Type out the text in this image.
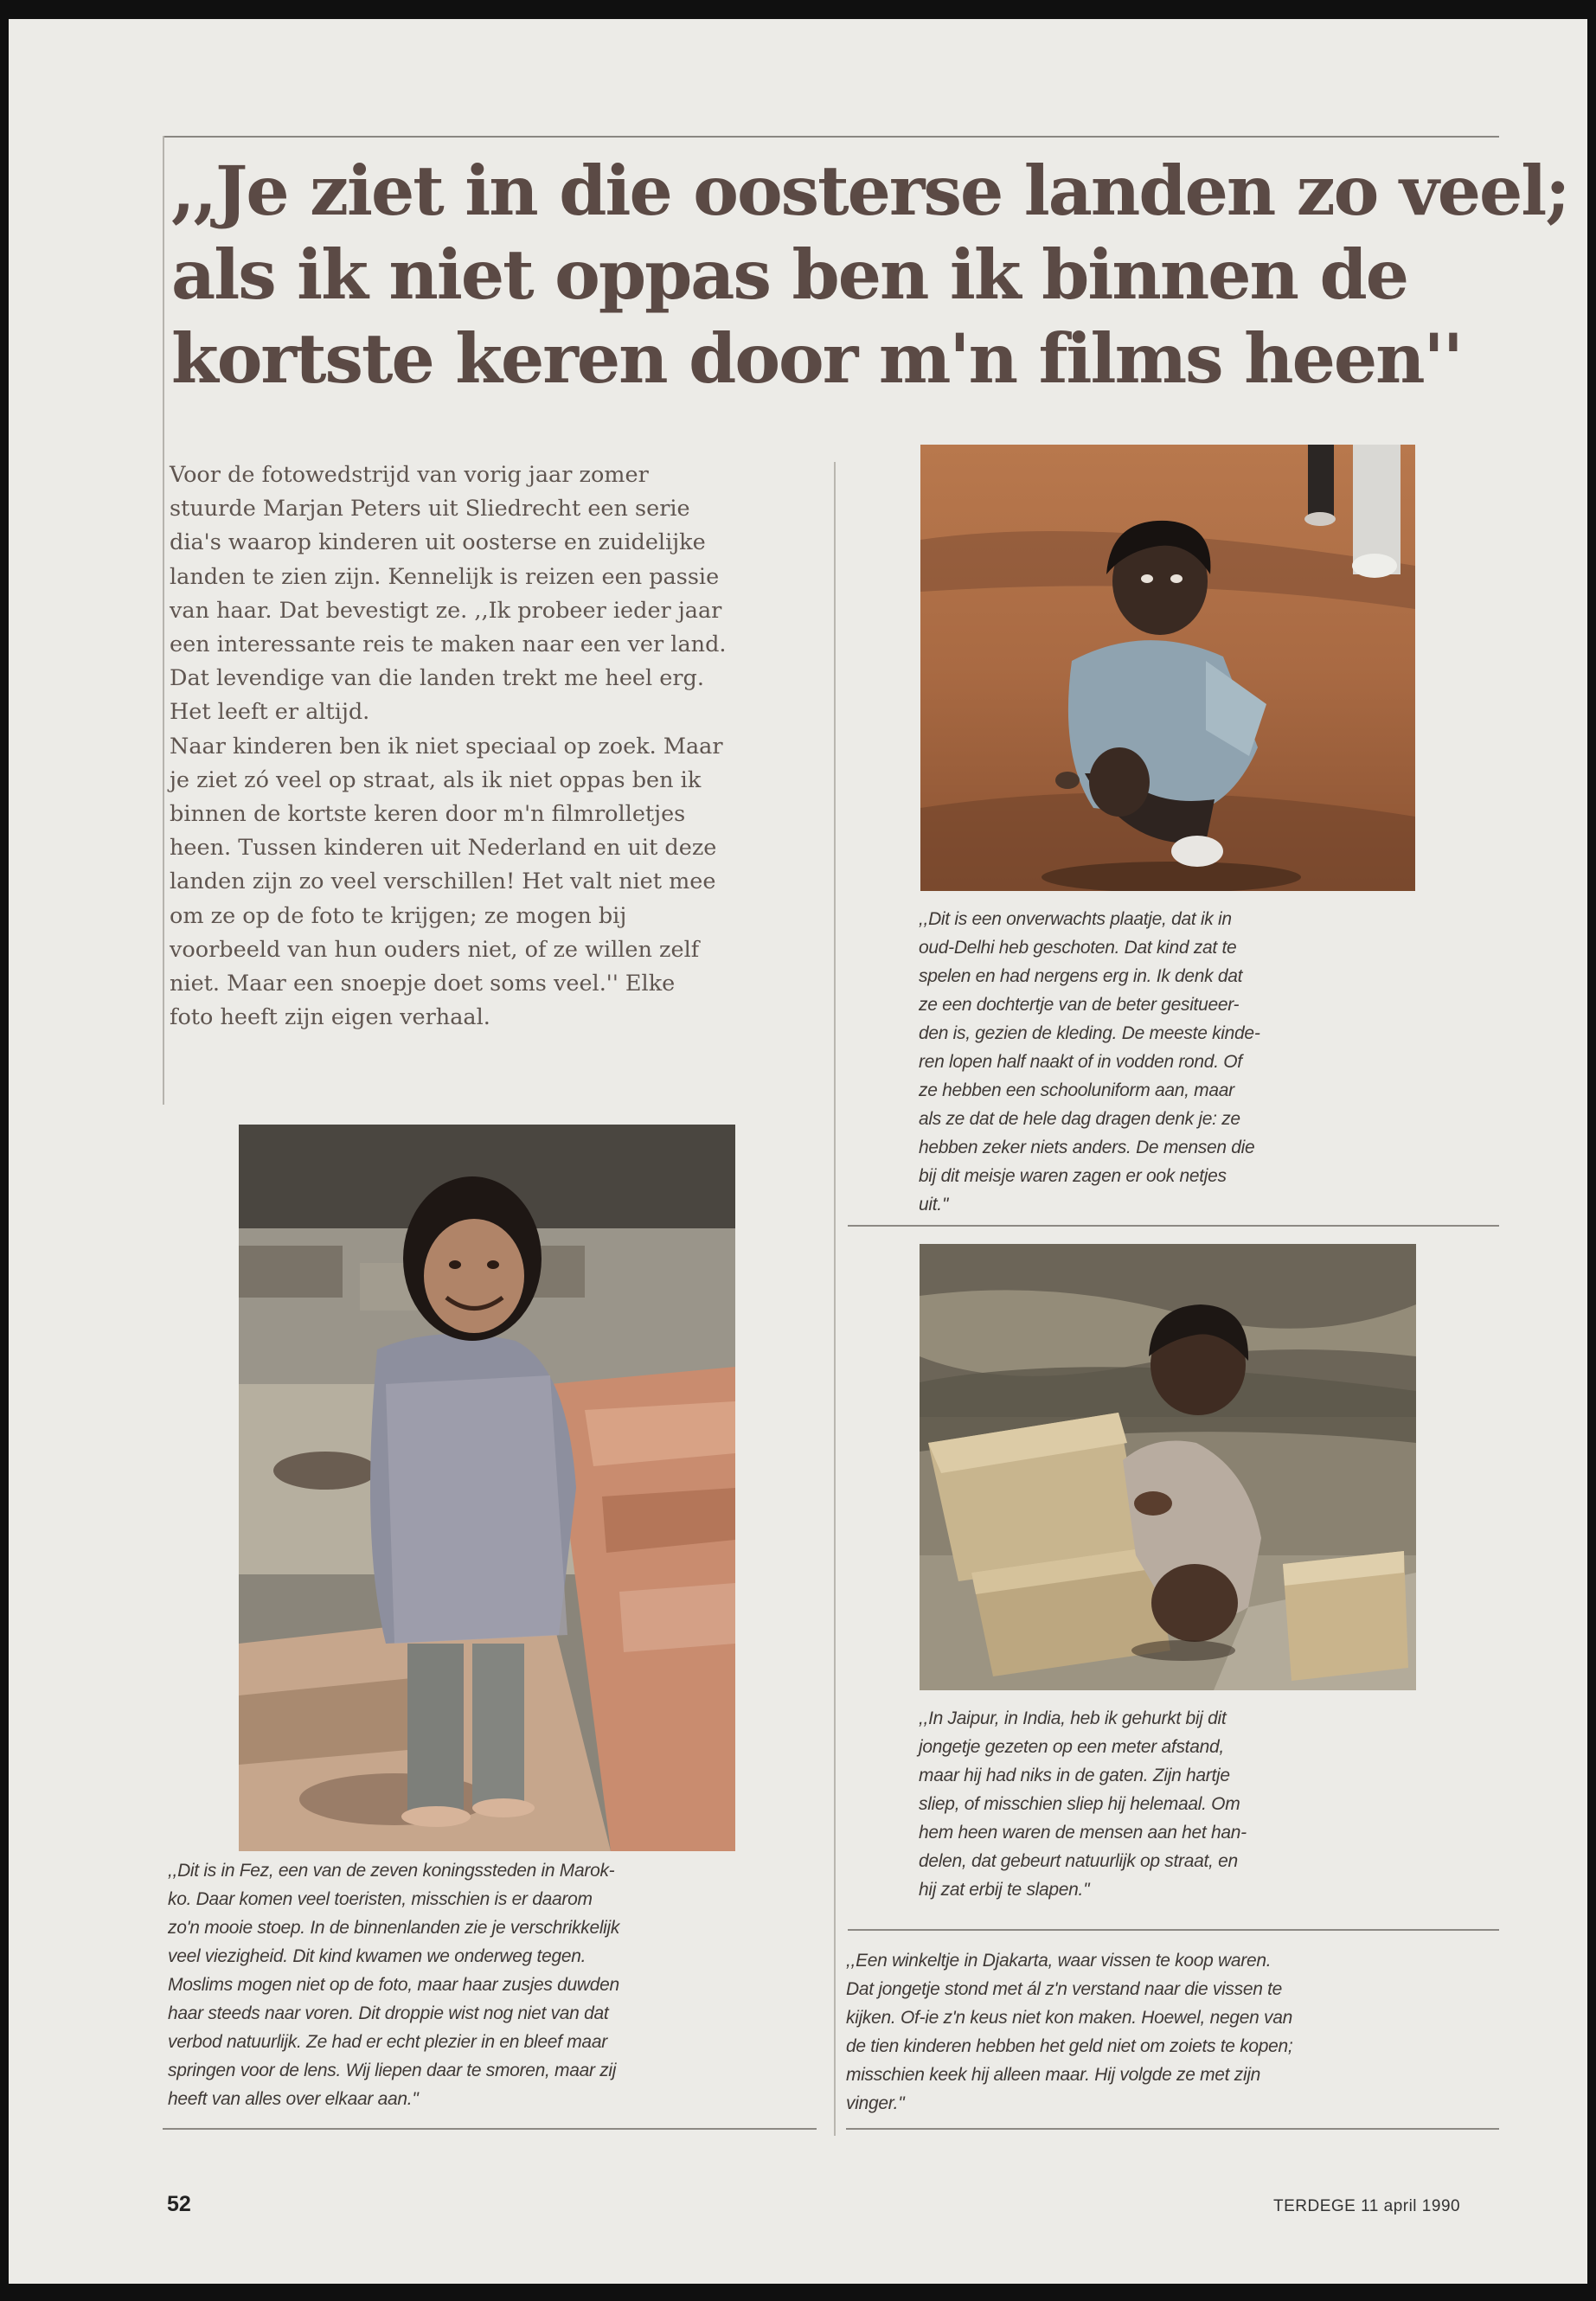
,,Je ziet in die oosterse landen zo veel;
als ik niet oppas ben ik binnen de
kortste keren door m'n films heen''
Voor de fotowedstrijd van vorig jaar zomer
stuurde Marjan Peters uit Sliedrecht een serie
dia's waarop kinderen uit oosterse en zuidelijke
landen te zien zijn. Kennelijk is reizen een passie
van haar. Dat bevestigt ze. ,,Ik probeer ieder jaar
een interessante reis te maken naar een ver land.
Dat levendige van die landen trekt me heel erg.
Het leeft er altijd.
Naar kinderen ben ik niet speciaal op zoek. Maar
je ziet zó veel op straat, als ik niet oppas ben ik
binnen de kortste keren door m'n filmrolletjes
heen. Tussen kinderen uit Nederland en uit deze
landen zijn zo veel verschillen! Het valt niet mee
om ze op de foto te krijgen; ze mogen bij
voorbeeld van hun ouders niet, of ze willen zelf
niet. Maar een snoepje doet soms veel.'' Elke
foto heeft zijn eigen verhaal.
,,Dit is een onverwachts plaatje, dat ik in
oud-Delhi heb geschoten. Dat kind zat te
spelen en had nergens erg in. Ik denk dat
ze een dochtertje van de beter gesitueer-
den is, gezien de kleding. De meeste kinde-
ren lopen half naakt of in vodden rond. Of
ze hebben een schooluniform aan, maar
als ze dat de hele dag dragen denk je: ze
hebben zeker niets anders. De mensen die
bij dit meisje waren zagen er ook netjes
uit.''
,,In Jaipur, in India, heb ik gehurkt bij dit
jongetje gezeten op een meter afstand,
maar hij had niks in de gaten. Zijn hartje
sliep, of misschien sliep hij helemaal. Om
hem heen waren de mensen aan het han-
delen, dat gebeurt natuurlijk op straat, en
hij zat erbij te slapen.''
,,Dit is in Fez, een van de zeven koningssteden in Marok-
ko. Daar komen veel toeristen, misschien is er daarom
zo'n mooie stoep. In de binnenlanden zie je verschrikkelijk
veel viezigheid. Dit kind kwamen we onderweg tegen.
Moslims mogen niet op de foto, maar haar zusjes duwden
haar steeds naar voren. Dit droppie wist nog niet van dat
verbod natuurlijk. Ze had er echt plezier in en bleef maar
springen voor de lens. Wij liepen daar te smoren, maar zij
heeft van alles over elkaar aan.''
,,Een winkeltje in Djakarta, waar vissen te koop waren.
Dat jongetje stond met ál z'n verstand naar die vissen te
kijken. Of-ie z'n keus niet kon maken. Hoewel, negen van
de tien kinderen hebben het geld niet om zoiets te kopen;
misschien keek hij alleen maar. Hij volgde ze met zijn
vinger.''
52	TERDEGE 11 april 1990
